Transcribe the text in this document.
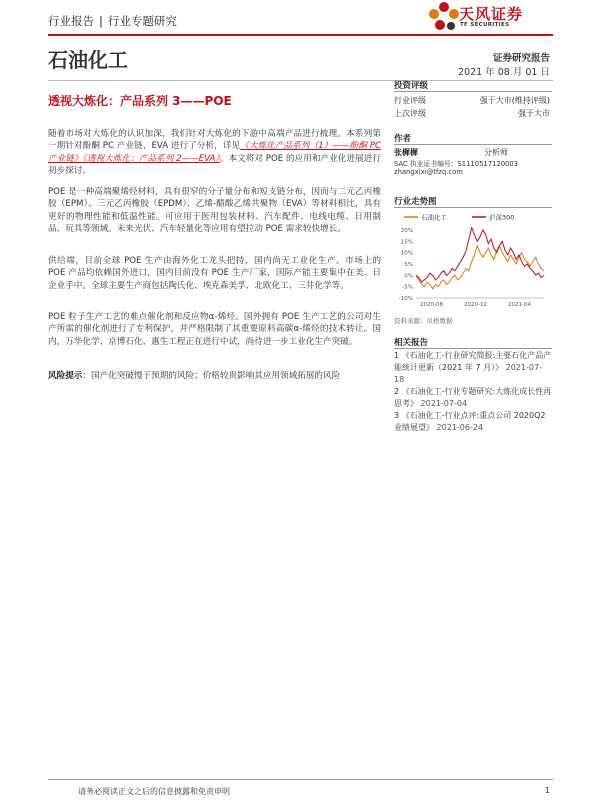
行业报告 | 行业专题研究	天风证券
TF SECURITIES
石油化工	证券研究报告
2021 年 08 月 01 日
透视大炼化：产品系列 3——POE
投资评级
行业评级	强于大市(维持评级)
上次评级	强于大市
作者
张樨樨	分析师
SAC 执业证书编号：S1110517120003
zhangxixi@tfzq.com
行业走势图
石油化工	沪深300
20%
15%
10%
5%
0%
-5%
-10%
2020-08	2020-12	2021-04
资料来源：贝格数据
相关报告

1 《石油化工-行业研究简报:主要石化产品产能统计更新（2021 年 7 月）》 2021-07-18

2 《石油化工-行业专题研究:大炼化成长性再思考》 2021-07-04

3 《石油化工-行业点评:重点公司 2020Q2 业绩展望》 2021-06-24

随着市场对大炼化的认识加深，我们针对大炼化的下游中高端产品进行梳理。本系列第一期针对酚酮 PC 产业链、EVA 进行了分析，详见《大炼化产品系列（1）——酚酮 PC 产业链》《透视大炼化：产品系列 2——EVA》。本文将对 POE 的应用和产业化进展进行初步探讨。

POE 是一种高端聚烯烃材料，具有很窄的分子量分布和短支链分布，因而与二元乙丙橡胶（EPM）、三元乙丙橡胶（EPDM）、乙烯-醋酸乙烯共聚物（EVA）等材料相比，具有更好的物理性能和低温性能。可应用于医用包装材料、汽车配件、电线电缆、日用制品、玩具等领域。未来光伏、汽车轻量化等应用有望拉动 POE 需求较快增长。

供给端，目前全球 POE 生产由海外化工龙头把持，国内尚无工业化生产。市场上的 POE 产品均依赖国外进口，国内目前没有 POE 生产厂家，国际产能主要集中在美、日企业手中。全球主要生产商包括陶氏化、埃克森美孚、北欧化工、三井化学等。

POE 粒子生产工艺的难点催化剂和反应物α-烯烃。国外拥有 POE 生产工艺的公司对生产所需的催化剂进行了专利保护，并严格限制了其重要原料高碳α-烯烃的技术转让。国内，万华化学、京博石化、惠生工程正在进行中试，尚待进一步工业化生产突破。

风险提示：国产化突破慢于预期的风险；价格较贵影响其应用领域拓展的风险

请务必阅读正文之后的信息披露和免责申明	1
